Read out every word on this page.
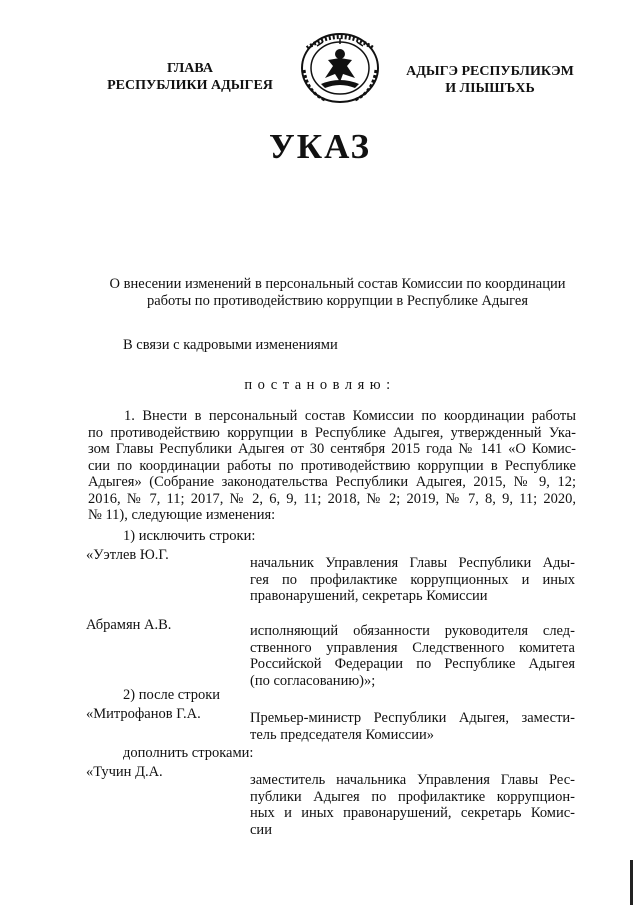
ГЛАВА
РЕСПУБЛИКИ АДЫГЕЯ
АДЫГЭ РЕСПУБЛИКЭМ
И ЛІЫШЪХЬ
УКАЗ
О внесении изменений в персональный состав Комиссии по координации
работы по противодействию коррупции в Республике Адыгея
В связи с кадровыми изменениями
постановляю:
1. Внести в персональный состав Комиссии по координации работы
по противодействию коррупции в Республике Адыгея, утвержденный Ука-
зом Главы Республики Адыгея от 30 сентября 2015 года № 141 «О Комис-
сии по координации работы по противодействию коррупции в Республике
Адыгея» (Собрание законодательства Республики Адыгея, 2015, № 9, 12;
2016, № 7, 11; 2017, № 2, 6, 9, 11; 2018, № 2; 2019, № 7, 8, 9, 11; 2020,
№ 11), следующие изменения:
1) исключить строки:
«Уэтлев Ю.Г.	начальник Управления Главы Республики Ады-
гея по профилактике коррупционных и иных
правонарушений, секретарь Комиссии
Абрамян А.В.	исполняющий обязанности руководителя след-
ственного управления Следственного комитета
Российской Федерации по Республике Адыгея
(по согласованию)»;
2) после строки
«Митрофанов Г.А.	Премьер-министр Республики Адыгея, замести-
тель председателя Комиссии»
дополнить строками:
«Тучин Д.А.	заместитель начальника Управления Главы Рес-
публики Адыгея по профилактике коррупцион-
ных и иных правонарушений, секретарь Комис-
сии
